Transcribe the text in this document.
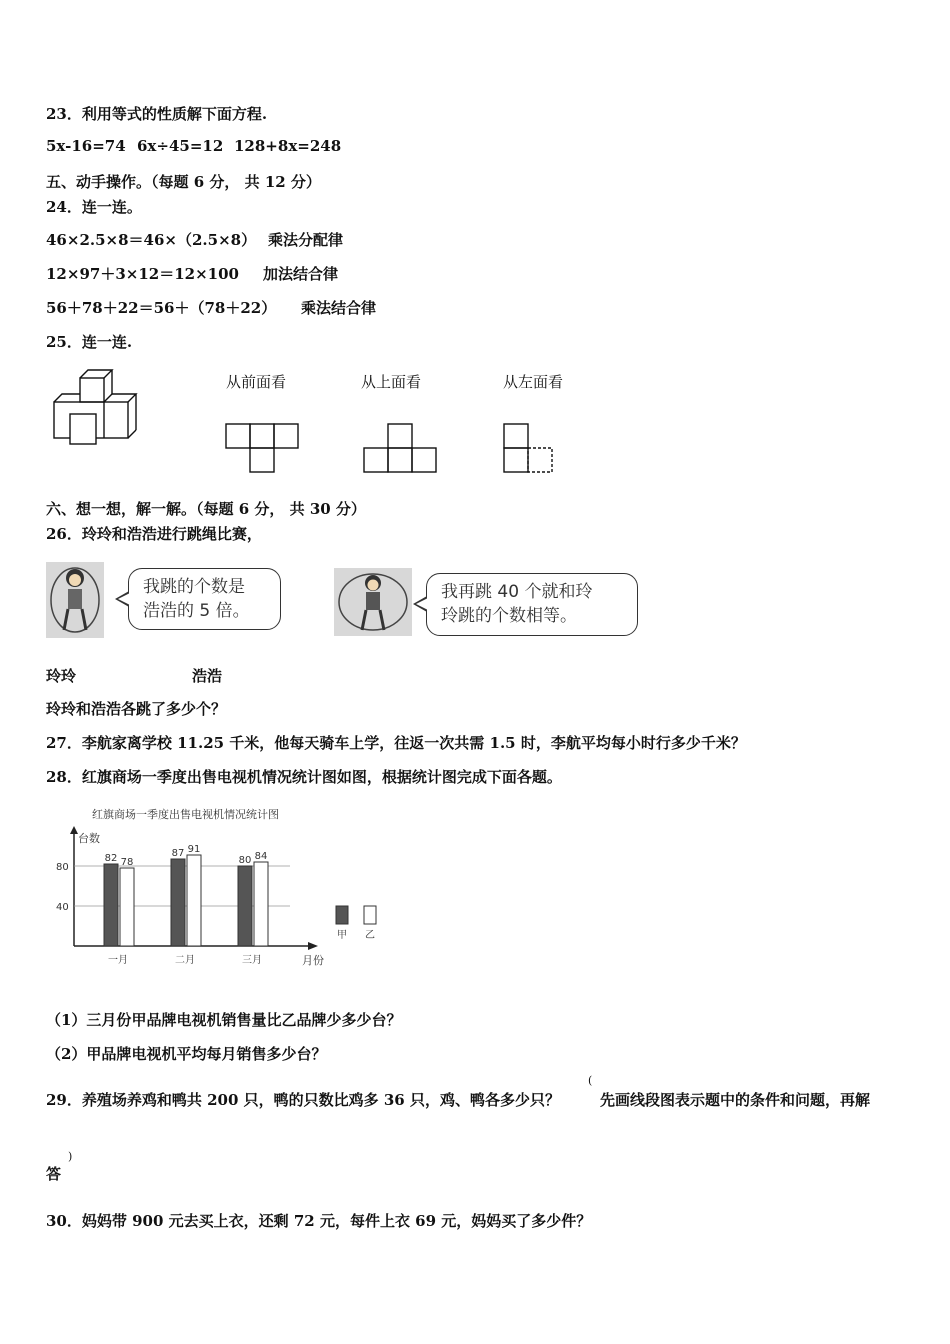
23．利用等式的性质解下面方程.
5x-16=74 6x÷45=12 128+8x=248
五、动手操作。（每题 6 分， 共 12 分）
24．连一连。
46×2.5×8＝46×（2.5×8） 乘法分配律
12×97＋3×12＝12×100 加法结合律
56＋78＋22＝56＋（78＋22） 乘法结合律
25．连一连.
从前面看	从上面看	从左面看
六、想一想，解一解。（每题 6 分， 共 30 分）
26．玲玲和浩浩进行跳绳比赛，
我跳的个数是
浩浩的 5 倍。
我再跳 40 个就和玲
玲跳的个数相等。
玲玲	浩浩
玲玲和浩浩各跳了多少个？
27．李航家离学校 11.25 千米，他每天骑车上学，往返一次共需 1.5 时，李航平均每小时行多少千米？
28．红旗商场一季度出售电视机情况统计图如图，根据统计图完成下面各题。
红旗商场一季度出售电视机情况统计图
台数
月份
40
80
82 78
一月
87 91
二月
80 84
三月
甲 乙
（1）三月份甲品牌电视机销售量比乙品牌少多少台？
（2）甲品牌电视机平均每月销售多少台？
29．养殖场养鸡和鸭共 200 只，鸭的只数比鸡多 36 只，鸡、鸭各多少只？
(
先画线段图表示题中的条件和问题，再解
答
)
30．妈妈带 900 元去买上衣，还剩 72 元，每件上衣 69 元，妈妈买了多少件？
